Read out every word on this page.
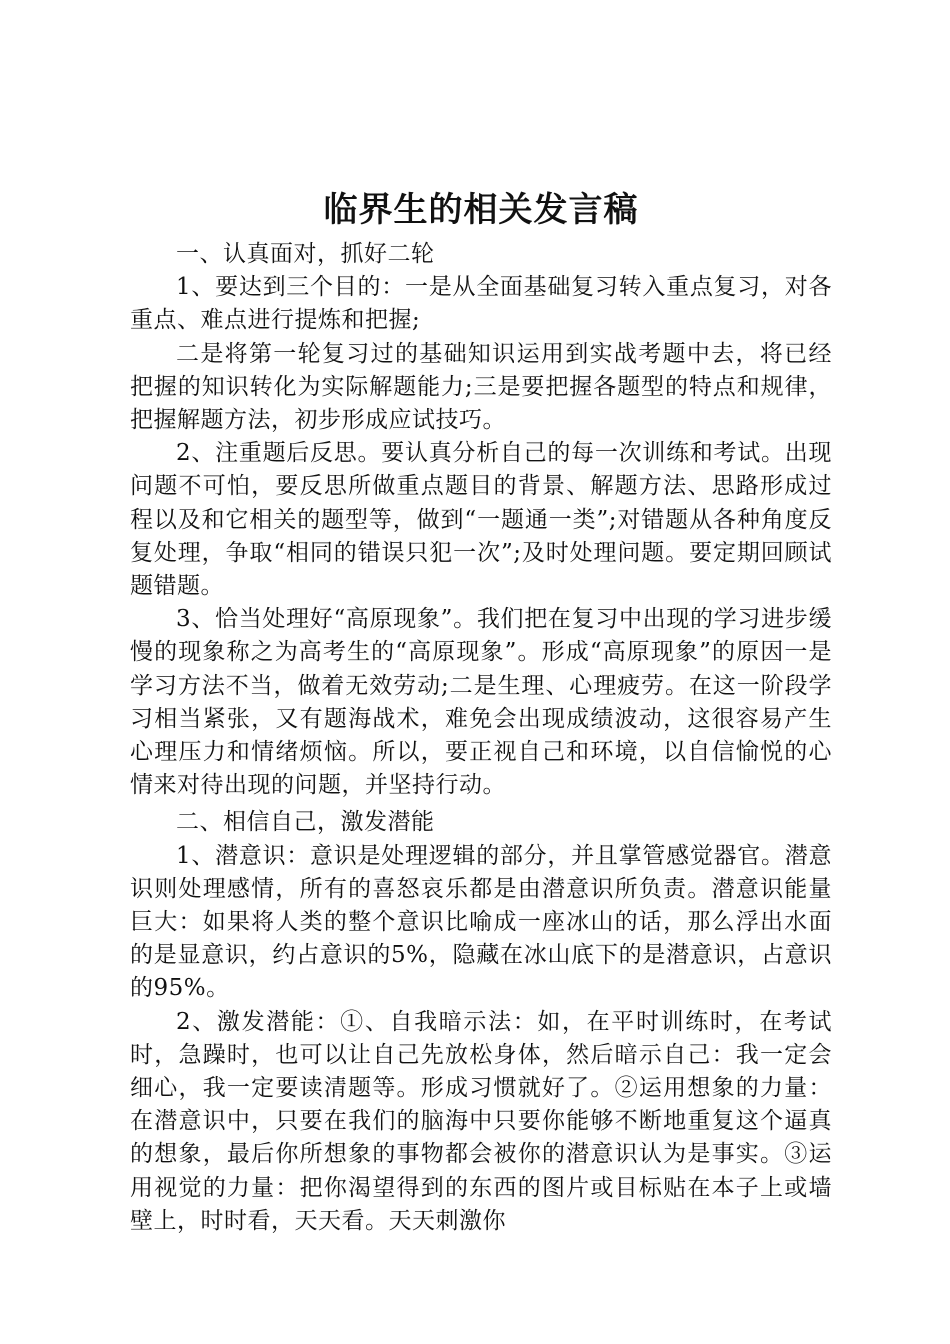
临界生的相关发言稿

一、认真面对，抓好二轮

1、要达到三个目的：一是从全面基础复习转入重点复习，对各重点、难点进行提炼和把握;

二是将第一轮复习过的基础知识运用到实战考题中去，将已经把握的知识转化为实际解题能力;三是要把握各题型的特点和规律，把握解题方法，初步形成应试技巧。

2、注重题后反思。要认真分析自己的每一次训练和考试。出现问题不可怕，要反思所做重点题目的背景、解题方法、思路形成过程以及和它相关的题型等，做到“一题通一类”;对错题从各种角度反复处理，争取“相同的错误只犯一次”;及时处理问题。要定期回顾试题错题。

3、恰当处理好“高原现象”。我们把在复习中出现的学习进步缓慢的现象称之为高考生的“高原现象”。形成“高原现象”的原因一是学习方法不当，做着无效劳动;二是生理、心理疲劳。在这一阶段学习相当紧张，又有题海战术，难免会出现成绩波动，这很容易产生心理压力和情绪烦恼。所以，要正视自己和环境，以自信愉悦的心情来对待出现的问题，并坚持行动。

二、相信自己，激发潜能

1、潜意识：意识是处理逻辑的部分，并且掌管感觉器官。潜意识则处理感情，所有的喜怒哀乐都是由潜意识所负责。潜意识能量巨大：如果将人类的整个意识比喻成一座冰山的话，那么浮出水面的是显意识，约占意识的5%，隐藏在冰山底下的是潜意识，占意识的95%。

2、激发潜能：①、自我暗示法：如，在平时训练时，在考试时，急躁时，也可以让自己先放松身体，然后暗示自己：我一定会细心，我一定要读清题等。形成习惯就好了。②运用想象的力量：在潜意识中，只要在我们的脑海中只要你能够不断地重复这个逼真的想象，最后你所想象的事物都会被你的潜意识认为是事实。③运用视觉的力量：把你渴望得到的东西的图片或目标贴在本子上或墙壁上，时时看，天天看。天天刺激你
